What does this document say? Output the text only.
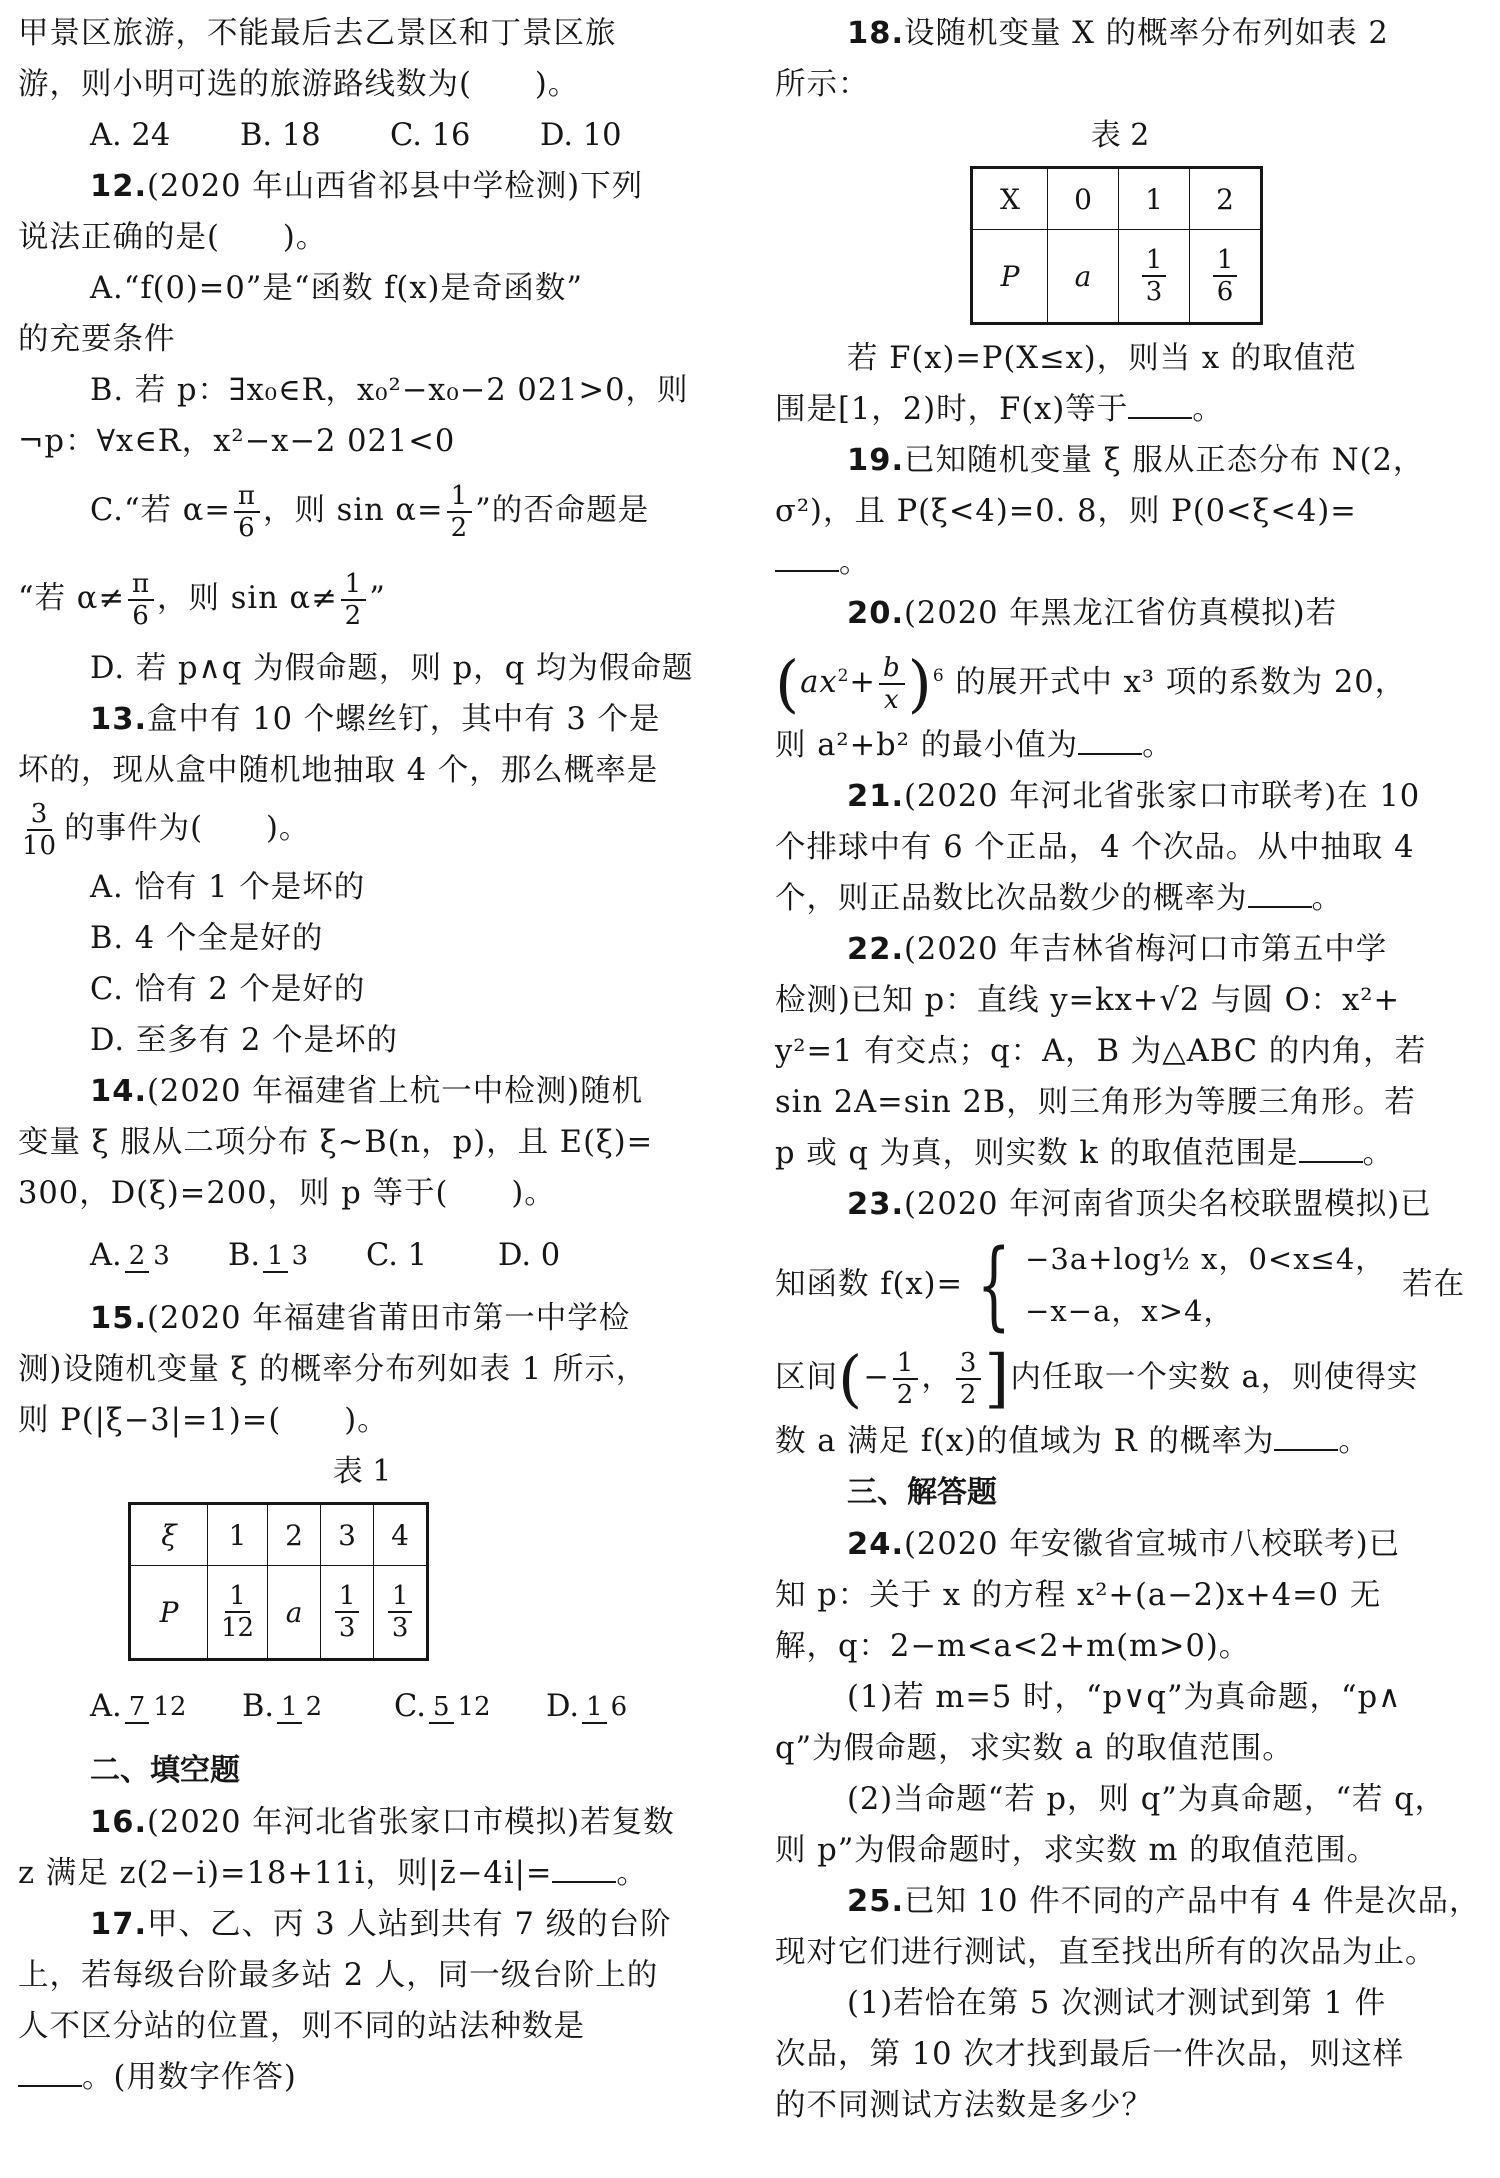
甲景区旅游，不能最后去乙景区和丁景区旅

游，则小明可选的旅游路线数为(　　)。

A. 24	B. 18	C. 16	D. 10

12.(2020 年山西省祁县中学检测)下列

说法正确的是(　　)。

A.“f(0)=0”是“函数 f(x)是奇函数”

的充要条件

B. 若 p：∃x₀∈R，x₀²−x₀−2 021>0，则

¬p：∀x∈R，x²−x−2 021<0

C.“若 $\alpha= \frac{\pi}{6}$ ，则 $\sin \alpha= \frac{1}{2}$ ”的否命题是

“若 $\alpha\ne \frac{\pi}{6}$ ，则 $\sin \alpha\ne \frac{1}{2}$ ”

D. 若 p∧q 为假命题，则 p，q 均为假命题

13.盒中有 10 个螺丝钉，其中有 3 个是

坏的，现从盒中随机地抽取 4 个，那么概率是

$\frac{3}{10}$ 的事件为(　　)。

A. 恰有 1 个是坏的

B. 4 个全是好的

C. 恰有 2 个是好的

D. 至多有 2 个是坏的

14.(2020 年福建省上杭一中检测)随机

变量 ξ 服从二项分布 ξ~B(n，p)，且 E(ξ)=

300，D(ξ)=200，则 p 等于(　　)。

A. 2 3	B. 1 3	C. 1	D. 0

15.(2020 年福建省莆田市第一中学检

测)设随机变量 ξ 的概率分布列如表 1 所示，

则 P(|ξ−3|=1)=(　　)。

表 1
ξ	1	2	3	4
P	$\frac{1}{12}$	a	$\frac{1}{3}$	$\frac{1}{3}$
A. 7 12	B. 1 2	C. 5 12	D. 1 6
二、填空题

16.(2020 年河北省张家口市模拟)若复数

z 满足 z(2−i)=18+11i，则|z̄−4i|= 。

17.甲、乙、丙 3 人站到共有 7 级的台阶

上，若每级台阶最多站 2 人，同一级台阶上的

人不区分站的位置，则不同的站法种数是

。(用数字作答)

18.设随机变量 X 的概率分布列如表 2

所示：

表 2
X	0	1	2
P	a	$\frac{1}{3}$	$\frac{1}{6}$

若 F(x)=P(X≤x)，则当 x 的取值范

围是[1，2)时，F(x)等于 。

19.已知随机变量 ξ 服从正态分布 N(2，

σ²)，且 P(ξ<4)=0. 8，则 P(0<ξ<4)=

。

20.(2020 年黑龙江省仿真模拟)若

$(ax^2+ \frac{b}{x} )^6$ 的展开式中 x³ 项的系数为 20，

则 a²+b² 的最小值为 。

21.(2020 年河北省张家口市联考)在 10

个排球中有 6 个正品，4 个次品。从中抽取 4

个，则正品数比次品数少的概率为 。

22.(2020 年吉林省梅河口市第五中学

检测)已知 p：直线 y=kx+√2 与圆 O：x²+

y²=1 有交点；q：A，B 为△ABC 的内角，若

sin 2A=sin 2B，则三角形为等腰三角形。若

p 或 q 为真，则实数 k 的取值范围是 。

23.(2020 年河南省顶尖名校联盟模拟)已

知函数 f(x)= { −3a+log½ x，0<x≤4，
−x−a，x>4，
若在

区间(− $\frac{1}{2}$ ， $\frac{3}{2}$ ]内任取一个实数 a，则使得实

数 a 满足 f(x)的值域为 R 的概率为 。

三、解答题

24.(2020 年安徽省宣城市八校联考)已

知 p：关于 x 的方程 x²+(a−2)x+4=0 无

解，q：2−m<a<2+m(m>0)。

(1)若 m=5 时，“p∨q”为真命题，“p∧

q”为假命题，求实数 a 的取值范围。

(2)当命题“若 p，则 q”为真命题，“若 q，

则 p”为假命题时，求实数 m 的取值范围。

25.已知 10 件不同的产品中有 4 件是次品，

现对它们进行测试，直至找出所有的次品为止。

(1)若恰在第 5 次测试才测试到第 1 件

次品，第 10 次才找到最后一件次品，则这样

的不同测试方法数是多少？
